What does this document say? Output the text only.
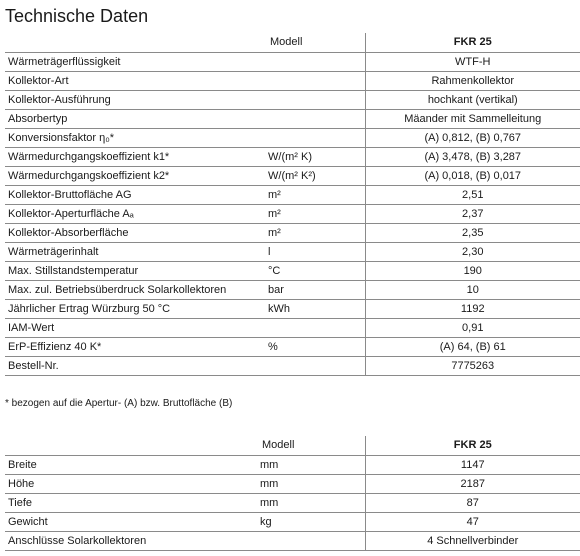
Technische Daten
	Modell	FKR 25
Wärmeträgerflüssigkeit		WTF-H
Kollektor-Art		Rahmenkollektor
Kollektor-Ausführung		hochkant (vertikal)
Absorbertyp		Mäander mit Sammelleitung
Konversionsfaktor η₀*		(A) 0,812, (B) 0,767
Wärmedurchgangskoeffizient k1*	W/(m² K)	(A) 3,478, (B) 3,287
Wärmedurchgangskoeffizient k2*	W/(m² K²)	(A) 0,018, (B) 0,017
Kollektor-Bruttofläche AG	m²	2,51
Kollektor-Aperturfläche Aₐ	m²	2,37
Kollektor-Absorberfläche	m²	2,35
Wärmeträgerinhalt	l	2,30
Max. Stillstandstemperatur	°C	190
Max. zul. Betriebsüberdruck Solarkollektoren	bar	10
Jährlicher Ertrag Würzburg 50 °C	kWh	1192
IAM-Wert		0,91
ErP-Effizienz 40 K*	%	(A) 64, (B) 61
Bestell-Nr.		7775263
* bezogen auf die Apertur- (A) bzw. Bruttofläche (B)
	Modell	FKR 25
Breite	mm	1147
Höhe	mm	2187
Tiefe	mm	87
Gewicht	kg	47
Anschlüsse Solarkollektoren		4 Schnellverbinder
